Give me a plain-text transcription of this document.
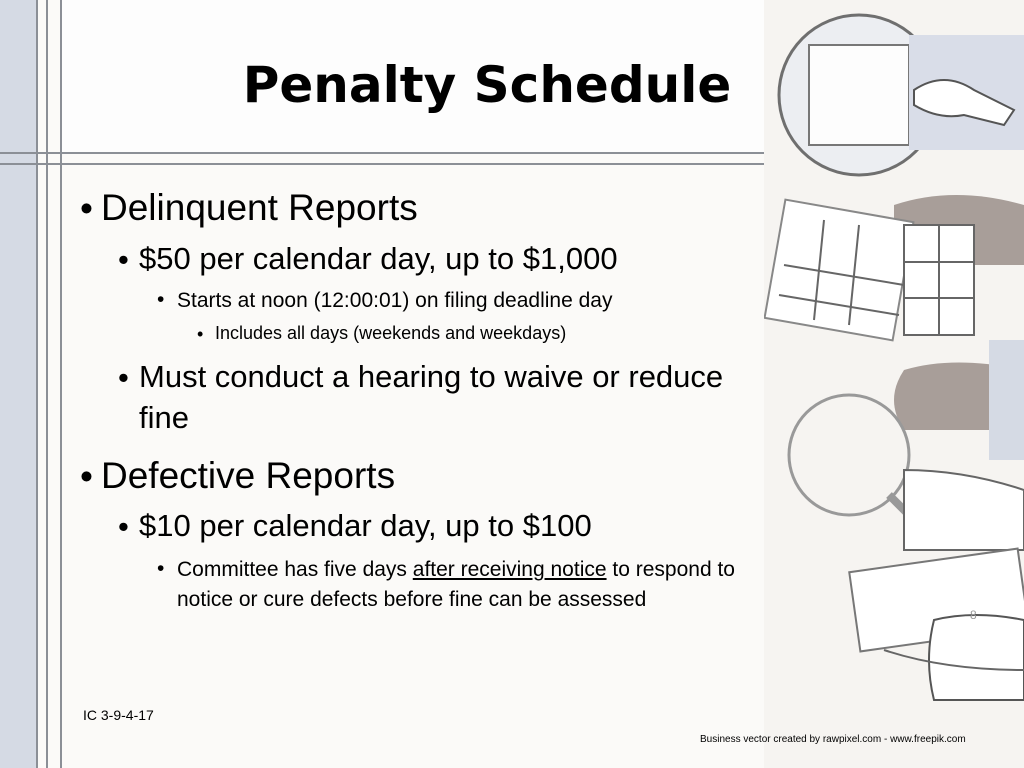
Penalty Schedule
• Delinquent Reports
• $50 per calendar day, up to $1,000
• Starts at noon (12:00:01) on filing deadline day
• Includes all days (weekends and weekdays)
• Must conduct a hearing to waive or reduce
fine
• Defective Reports
• $10 per calendar day, up to $100
• Committee has five days after receiving notice to respond to
notice or cure defects before fine can be assessed
8
IC 3-9-4-17
Business vector created by rawpixel.com - www.freepik.com
